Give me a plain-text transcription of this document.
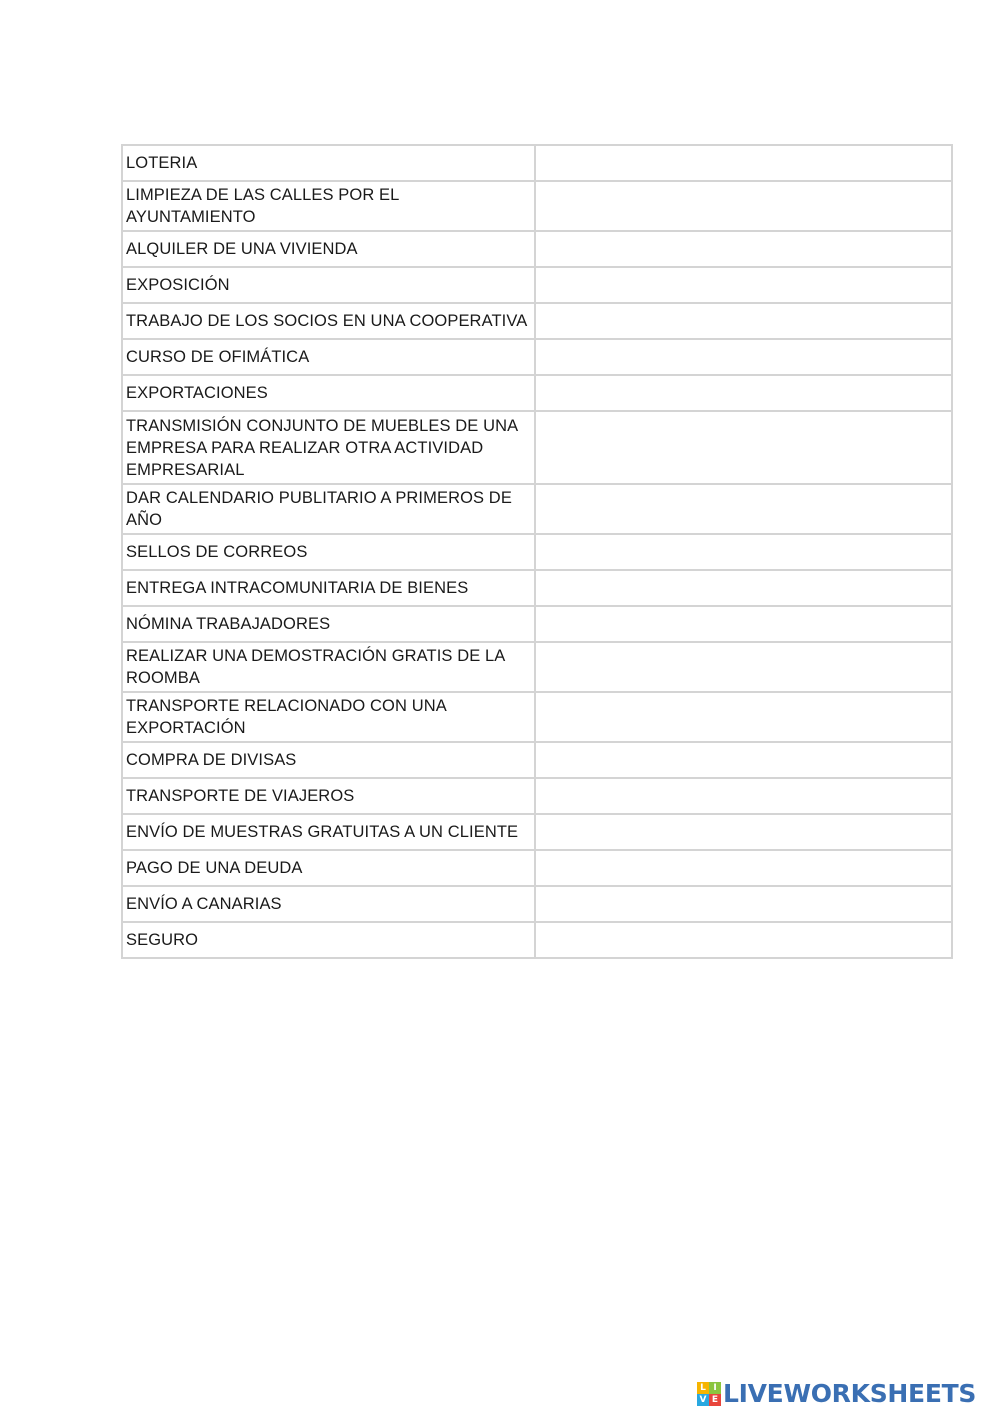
LOTERIA	
LIMPIEZA DE LAS CALLES POR EL AYUNTAMIENTO	
ALQUILER DE UNA VIVIENDA	
EXPOSICIÓN	
TRABAJO DE LOS SOCIOS EN UNA COOPERATIVA	
CURSO DE OFIMÁTICA	
EXPORTACIONES	
TRANSMISIÓN CONJUNTO DE MUEBLES DE UNA EMPRESA PARA REALIZAR OTRA ACTIVIDAD EMPRESARIAL	
DAR CALENDARIO PUBLITARIO A PRIMEROS DE AÑO	
SELLOS DE CORREOS	
ENTREGA INTRACOMUNITARIA DE BIENES	
NÓMINA TRABAJADORES	
REALIZAR UNA DEMOSTRACIÓN GRATIS DE LA ROOMBA	
TRANSPORTE RELACIONADO CON UNA EXPORTACIÓN	
COMPRA DE DIVISAS	
TRANSPORTE DE VIAJEROS	
ENVÍO DE MUESTRAS GRATUITAS A UN CLIENTE	
PAGO DE UNA DEUDA	
ENVÍO A CANARIAS	
SEGURO	
L I
V E LIVEWORKSHEETS
